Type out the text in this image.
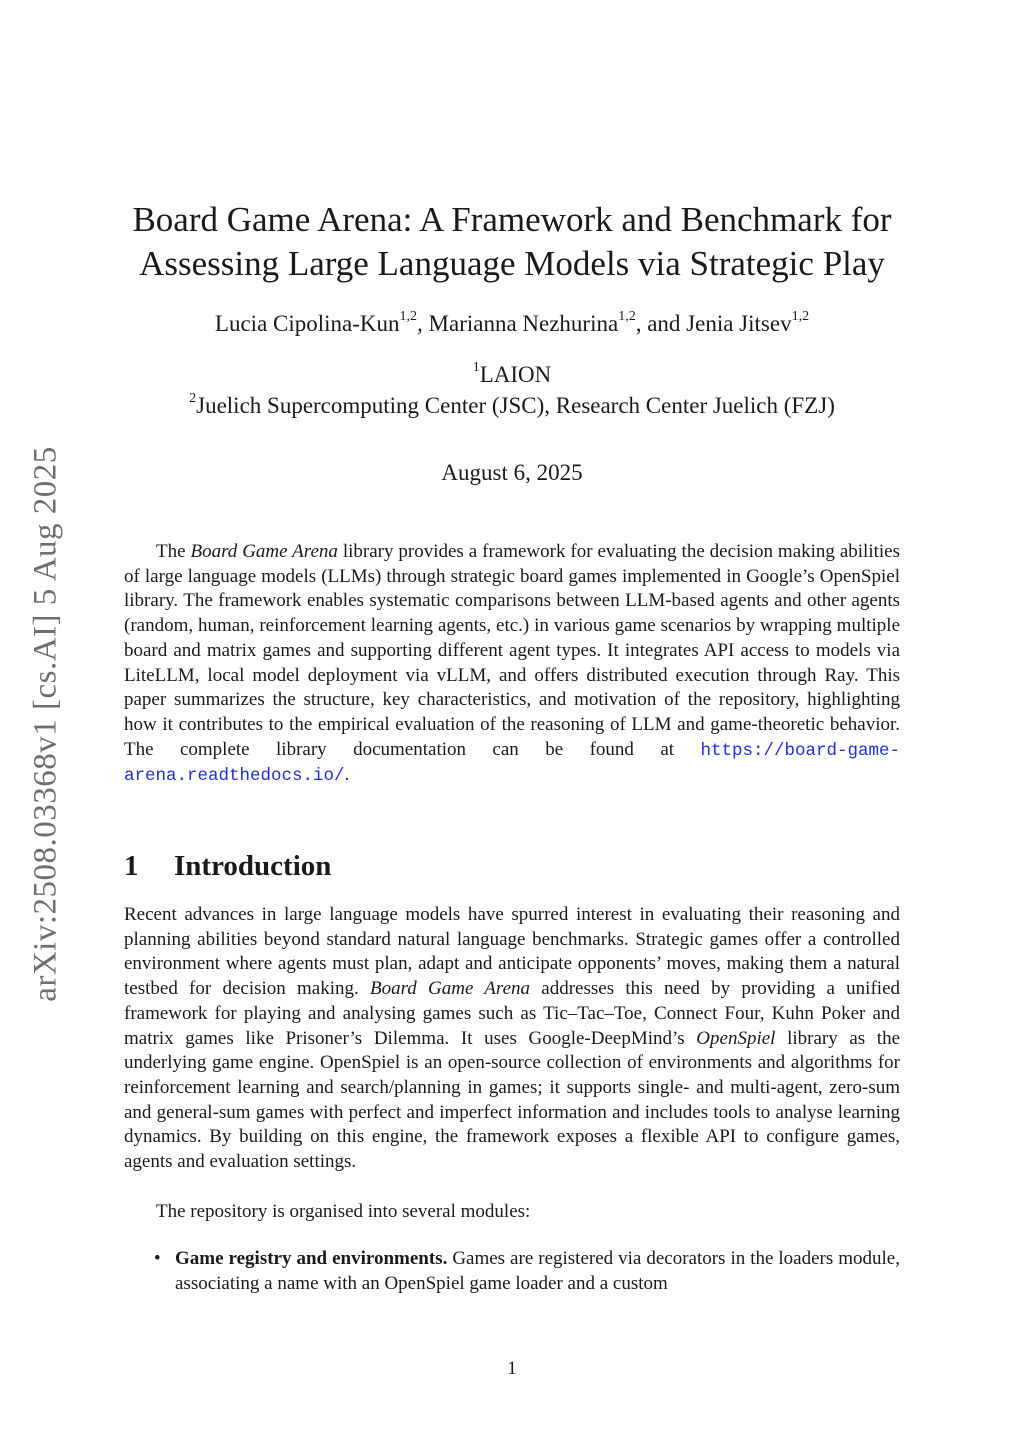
arXiv:2508.03368v1 [cs.AI] 5 Aug 2025
Board Game Arena: A Framework and Benchmark for
Assessing Large Language Models via Strategic Play
Lucia Cipolina-Kun$^{1,2}$, Marianna Nezhurina$^{1,2}$, and Jenia Jitsev$^{1,2}$
$^1$LAION
$^2$Juelich Supercomputing Center (JSC), Research Center Juelich (FZJ)
August 6, 2025

The Board Game Arena library provides a framework for evaluating the decision making abilities of large language models (LLMs) through strategic board games implemented in Google’s OpenSpiel library. The framework enables systematic comparisons between LLM-based agents and other agents (random, human, reinforcement learning agents, etc.) in various game scenarios by wrapping multiple board and matrix games and supporting different agent types. It integrates API access to models via LiteLLM, local model deployment via vLLM, and offers distributed execution through Ray. This paper summarizes the structure, key characteristics, and motivation of the repository, highlighting how it contributes to the empirical evaluation of the reasoning of LLM and game-theoretic behavior. The complete library documentation can be found at https://board-game-arena.readthedocs.io/.

1 Introduction

Recent advances in large language models have spurred interest in evaluating their reasoning and planning abilities beyond standard natural language benchmarks. Strategic games offer a controlled environment where agents must plan, adapt and anticipate opponents’ moves, making them a natural testbed for decision making. Board Game Arena addresses this need by providing a unified framework for playing and analysing games such as Tic–Tac–Toe, Connect Four, Kuhn Poker and matrix games like Prisoner’s Dilemma. It uses Google-DeepMind’s OpenSpiel library as the underlying game engine. OpenSpiel is an open-source collection of environments and algorithms for reinforcement learning and search/planning in games; it supports single- and multi-agent, zero-sum and general-sum games with perfect and imperfect information and includes tools to analyse learning dynamics. By building on this engine, the framework exposes a flexible API to configure games, agents and evaluation settings.

The repository is organised into several modules:

• Game registry and environments. Games are registered via decorators in the loaders module, associating a name with an OpenSpiel game loader and a custom
1
